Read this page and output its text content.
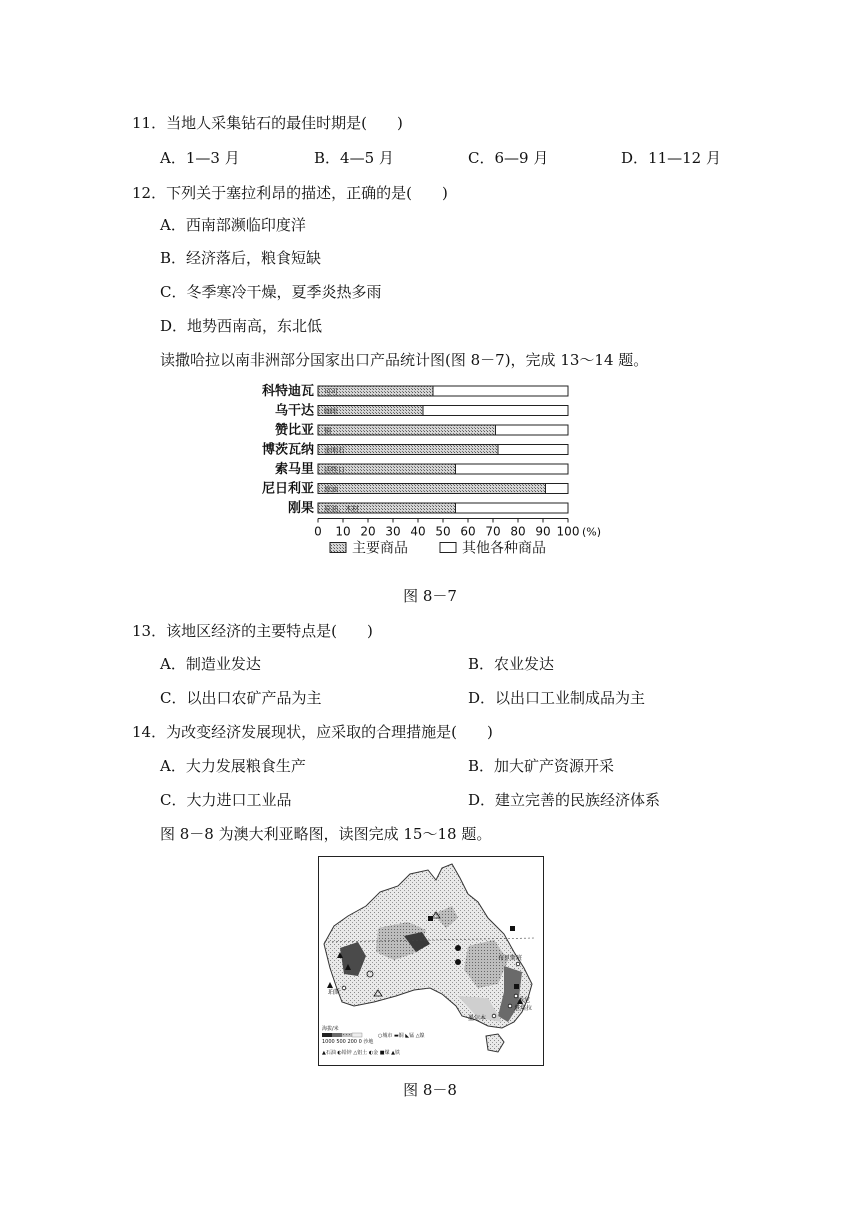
11．当地人采集钻石的最佳时期是(　　)
A．1—3 月	B．4—5 月	C．6—9 月	D．11—12 月
12．下列关于塞拉利昂的描述，正确的是(　　)
A．西南部濒临印度洋
B．经济落后，粮食短缺
C．冬季寒冷干燥，夏季炎热多雨
D．地势西南高，东北低
读撒哈拉以南非洲部分国家出口产品统计图(图 8－7)，完成 13～14 题。
科特迪瓦 可可
乌干达 咖啡
赞比亚 铜
博茨瓦纳 金刚石
索马里 活牲口
尼日利亚 原油
刚果 原油、木材
0 10 20 30 40 50 60 70 80 90 100 (%)
主要商品	其他各种商品
图 8－7
13．该地区经济的主要特点是(　　)
A．制造业发达	B．农业发达
C．以出口农矿产品为主	D．以出口工业制成品为主
14．为改变经济发展现状，应采取的合理措施是(　　)
A．大力发展粮食生产	B．加大矿产资源开采
C．大力进口工业品	D．建立完善的民族经济体系
图 8－8 为澳大利亚略图，读图完成 15～18 题。
布里斯班
珀斯
悉尼
堪培拉
墨尔本
海拔/米
1000 500 200 0 沙地
○城市 ▬铜 ◣锰 △镍
▲石油 ◐铅锌 △铝土 ◐金 ■煤 ▲铁
图 8－8
